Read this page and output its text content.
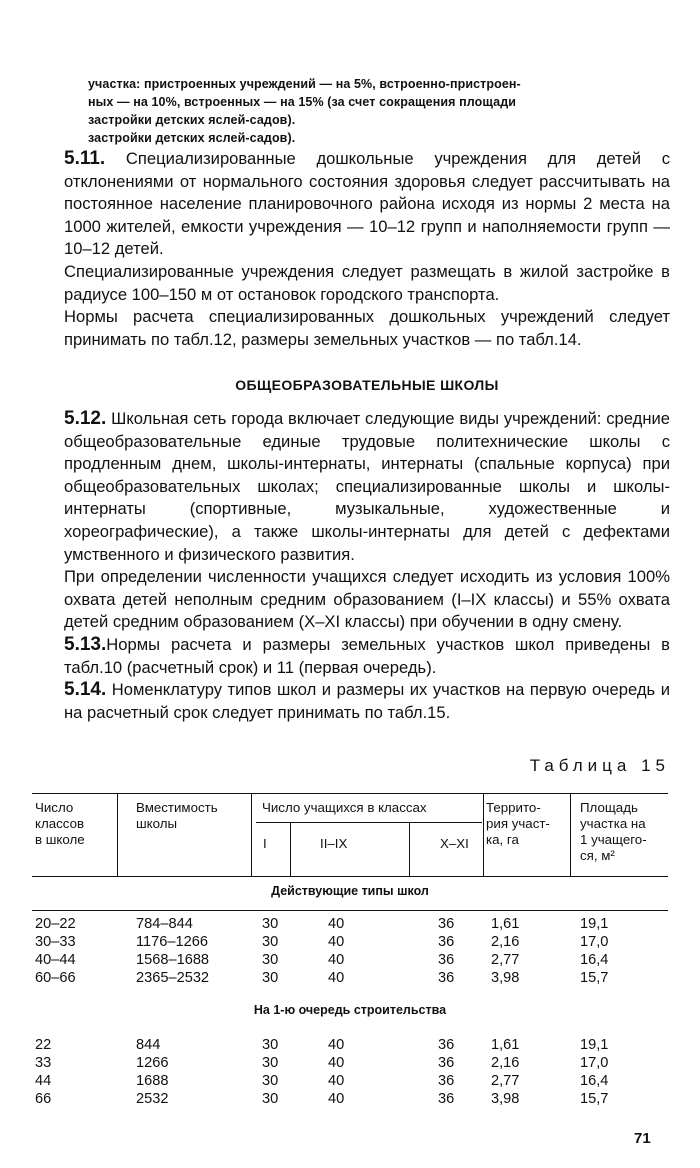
участка: пристроенных учреждений — на 5%, встроенно-пристроен-
ных — на 10%, встроенных — на 15% (за счет сокращения площади
застройки детских яслей-садов).
застройки детских яслей-садов).

5.11. Специализированные дошкольные учреждения для детей с отклонениями от нормального состояния здоровья следует рассчитывать на постоянное население планировочного района исходя из нормы 2 места на 1000 жителей, емкости учреждения — 10–12 групп и наполняемости групп — 10–12 детей.

Специализированные учреждения следует размещать в жилой застройке в радиусе 100–150 м от остановок городского транспорта.

Нормы расчета специализированных дошкольных учреждений следует принимать по табл.12, размеры земельных участков — по табл.14.

ОБЩЕОБРАЗОВАТЕЛЬНЫЕ ШКОЛЫ

5.12. Школьная сеть города включает следующие виды учреждений: средние общеобразовательные единые трудовые политехнические школы с продленным днем, школы-интернаты, интернаты (спальные корпуса) при общеобразовательных школах; специализированные школы и школы-интернаты (спортивные, музыкальные, художественные и хореографические), а также школы-интернаты для детей с дефектами умственного и физического развития.

При определении численности учащихся следует исходить из условия 100% охвата детей неполным средним образованием (I–IX классы) и 55% охвата детей средним образованием (X–XI классы) при обучении в одну смену.

5.13.Нормы расчета и размеры земельных участков школ приведены в табл.10 (расчетный срок) и 11 (первая очередь).

5.14. Номенклатуру типов школ и размеры их участков на первую очередь и на расчетный срок следует принимать по табл.15.

Таблица 15
Число
классов
в школе
Вместимость
школы
Число учащихся в классах
I	II–IX	X–XI
Террито-
рия участ-
ка, га
Площадь
участка на
1 учащего-
ся, м²
Действующие типы школ
20–22	784–844	30	40	36	1,61	19,1
30–33	1176–1266	30	40	36	2,16	17,0
40–44	1568–1688	30	40	36	2,77	16,4
60–66	2365–2532	30	40	36	3,98	15,7
На 1-ю очередь строительства
22	844	30	40	36	1,61	19,1
33	1266	30	40	36	2,16	17,0
44	1688	30	40	36	2,77	16,4
66	2532	30	40	36	3,98	15,7
71
